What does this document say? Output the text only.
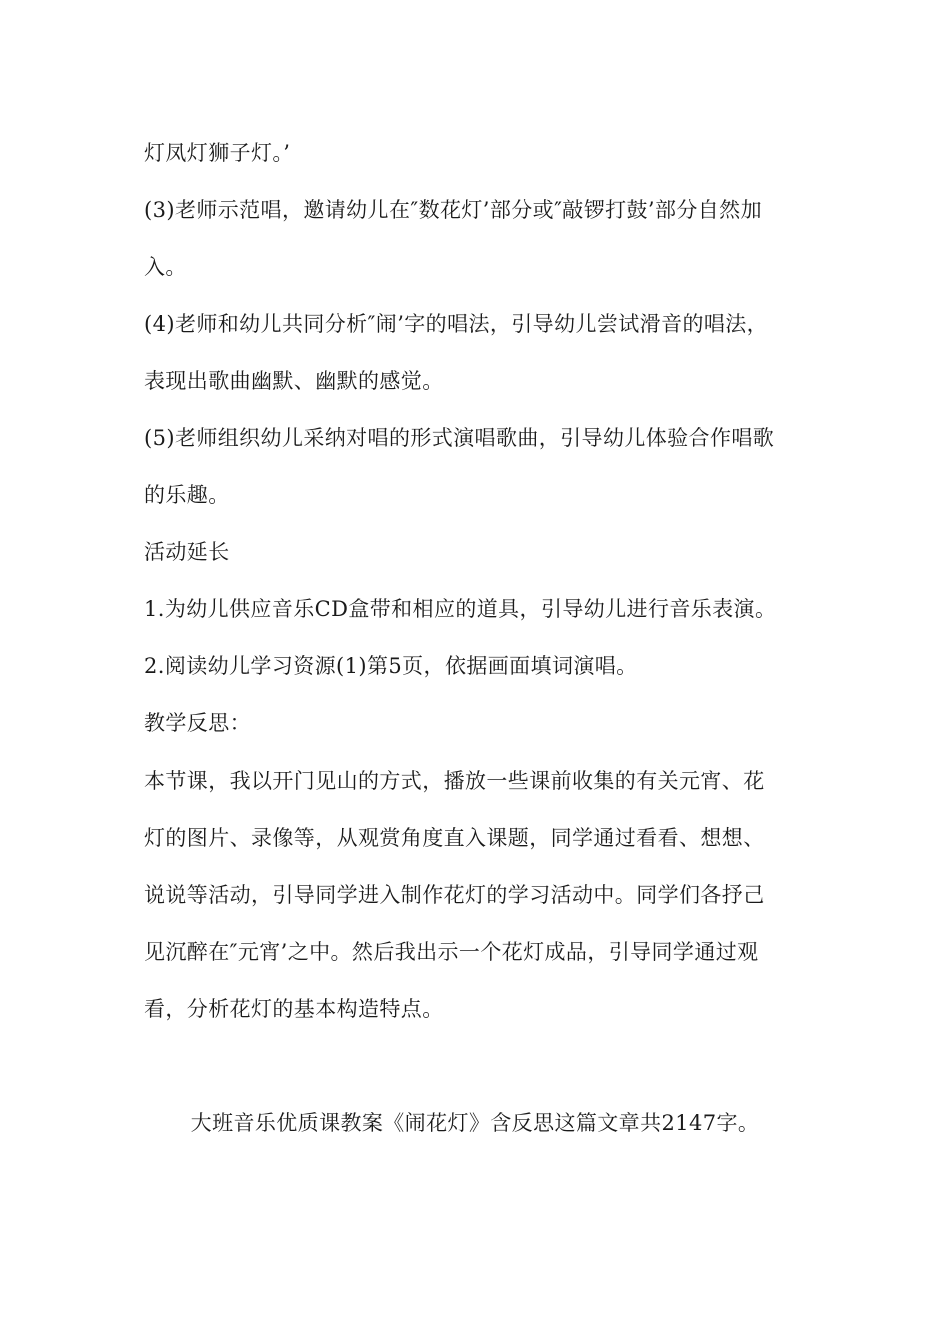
灯凤灯狮子灯。’
(3)老师示范唱，邀请幼儿在″数花灯’部分或″敲锣打鼓’部分自然加
入。
(4)老师和幼儿共同分析″闹’字的唱法，引导幼儿尝试滑音的唱法，
表现出歌曲幽默、幽默的感觉。
(5)老师组织幼儿采纳对唱的形式演唱歌曲，引导幼儿体验合作唱歌
的乐趣。
活动延长
1.为幼儿供应音乐CD盒带和相应的道具，引导幼儿进行音乐表演。
2.阅读幼儿学习资源(1)第5页，依据画面填词演唱。
教学反思：
本节课，我以开门见山的方式，播放一些课前收集的有关元宵、花
灯的图片、录像等，从观赏角度直入课题，同学通过看看、想想、
说说等活动，引导同学进入制作花灯的学习活动中。同学们各抒己
见沉醉在″元宵’之中。然后我出示一个花灯成品，引导同学通过观
看，分析花灯的基本构造特点。
大班音乐优质课教案《闹花灯》含反思这篇文章共2147字。
